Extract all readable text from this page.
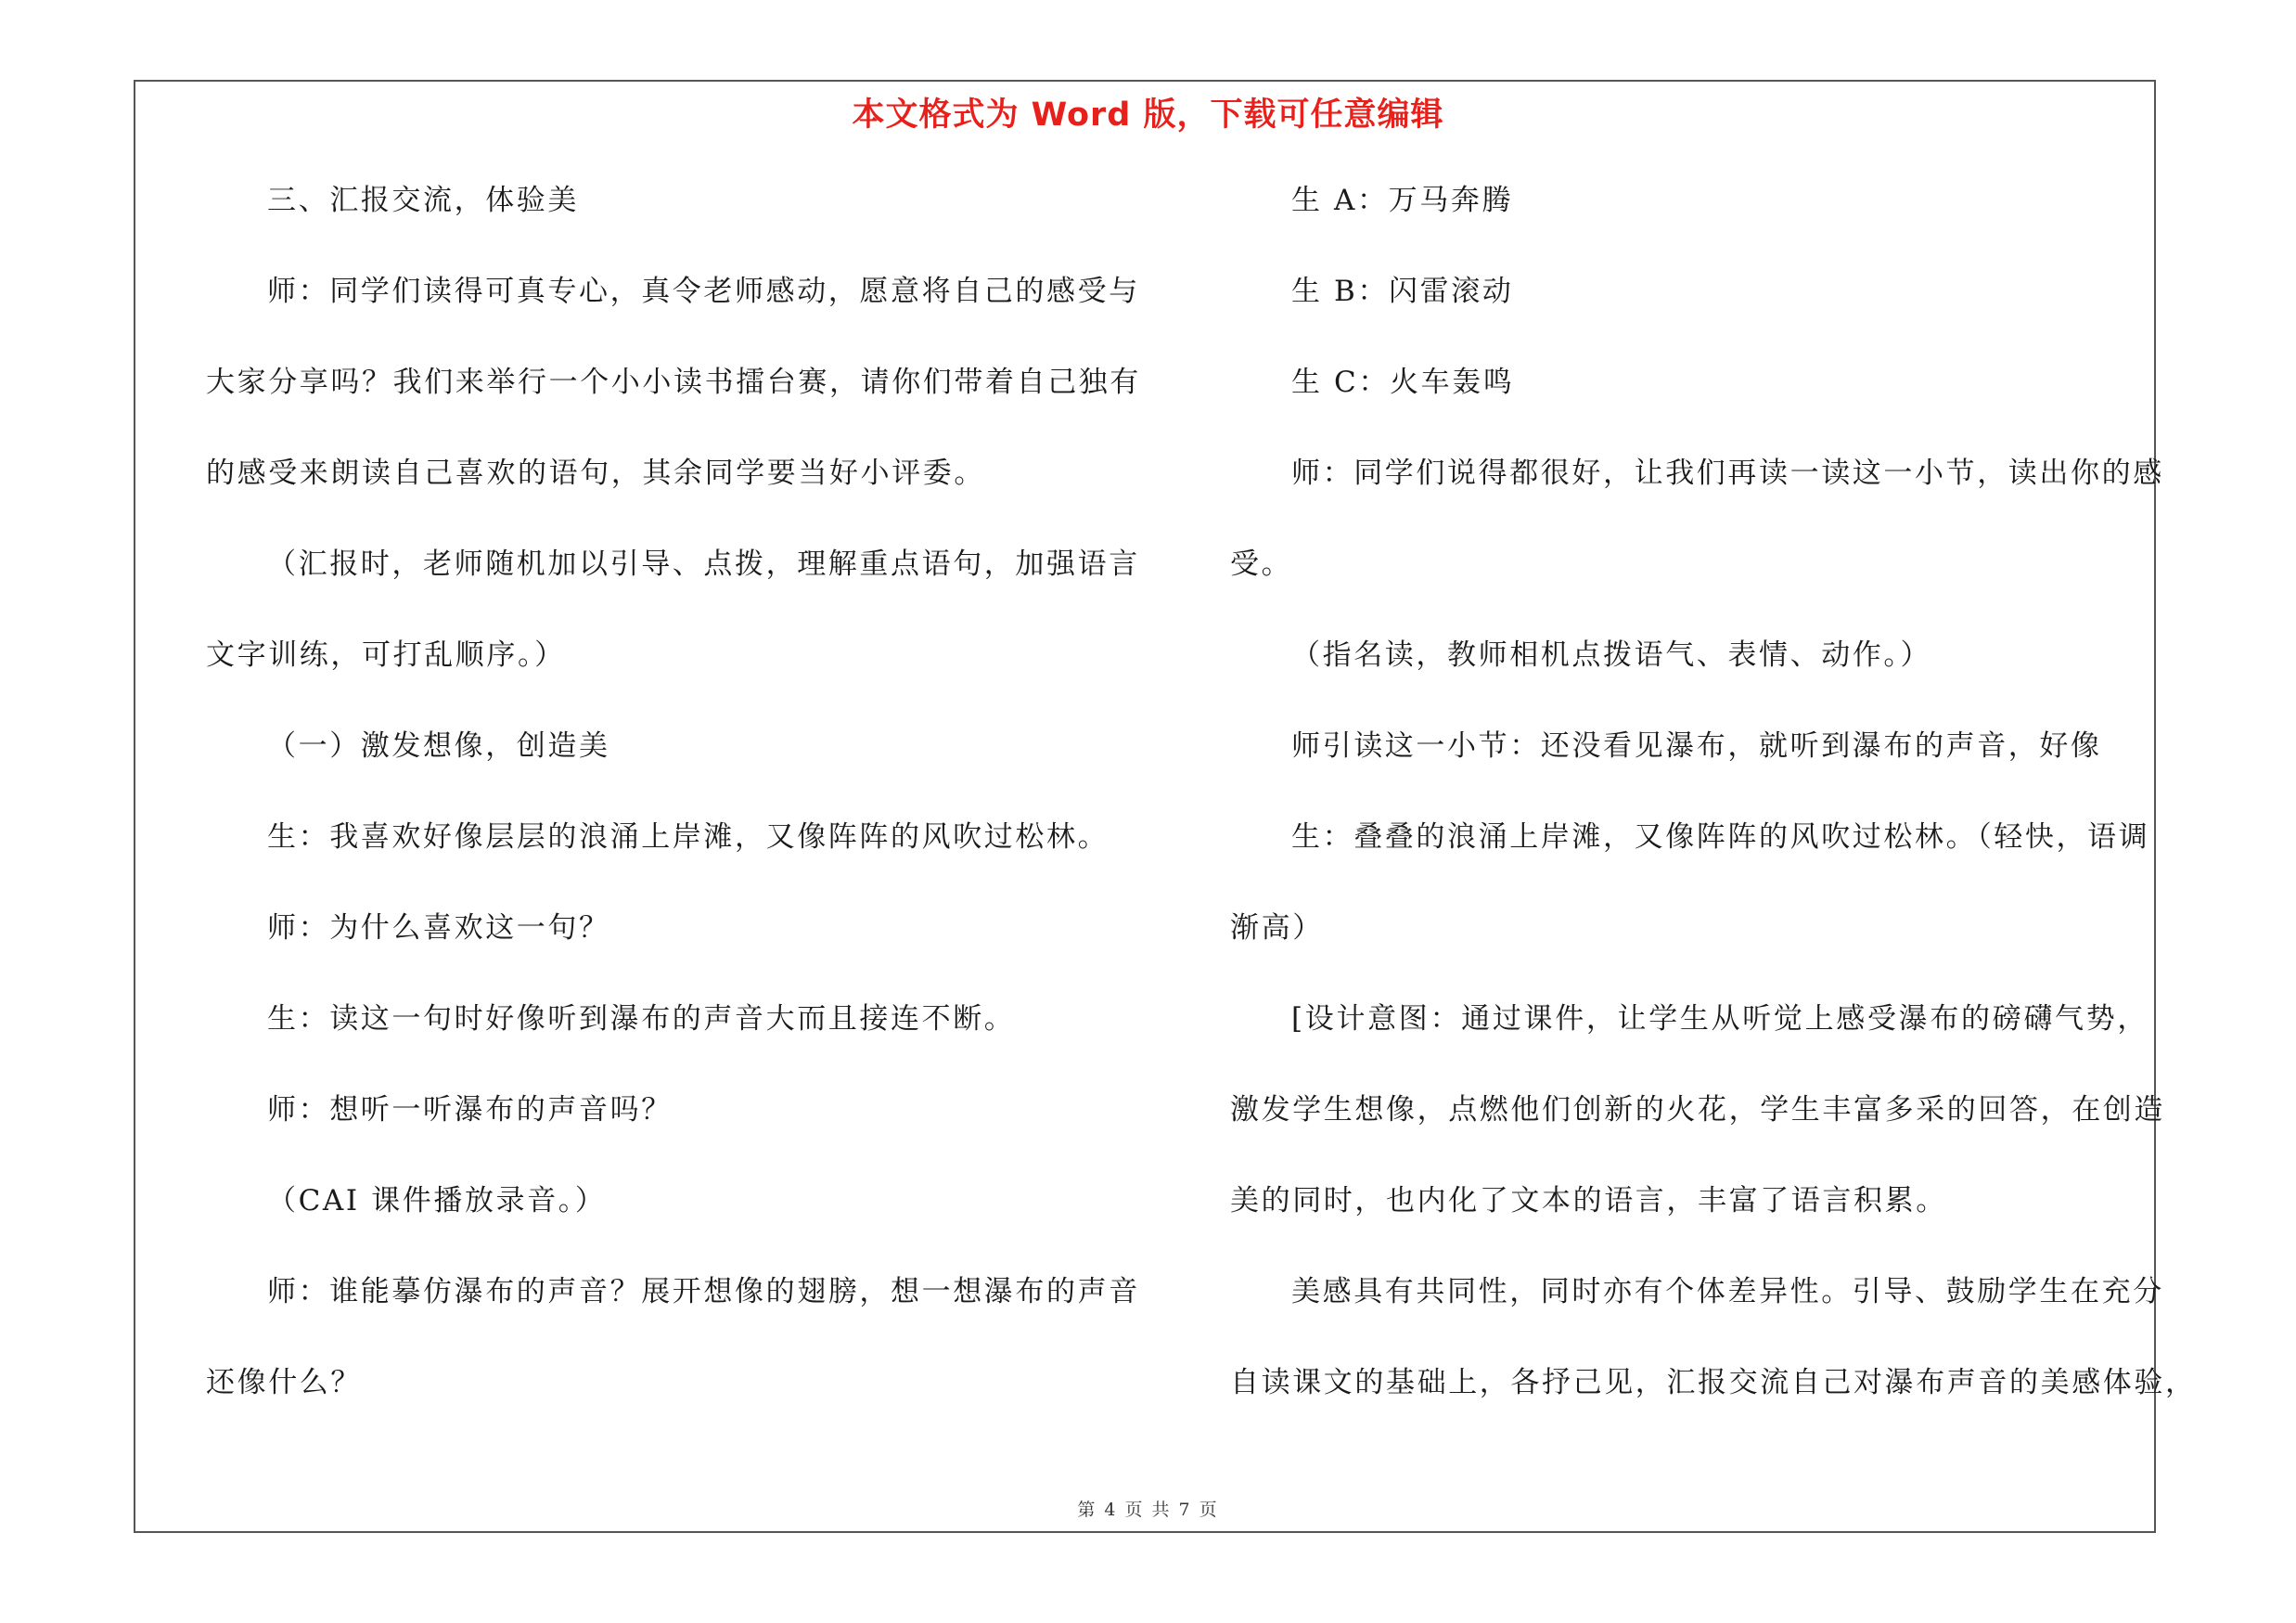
本文格式为 Word 版，下载可任意编辑
三、汇报交流，体验美
师：同学们读得可真专心，真令老师感动，愿意将自己的感受与
大家分享吗？我们来举行一个小小读书擂台赛，请你们带着自己独有
的感受来朗读自己喜欢的语句，其余同学要当好小评委。
（汇报时，老师随机加以引导、点拨，理解重点语句，加强语言
文字训练，可打乱顺序。）
（一）激发想像，创造美
生：我喜欢好像层层的浪涌上岸滩，又像阵阵的风吹过松林。
师：为什么喜欢这一句？
生：读这一句时好像听到瀑布的声音大而且接连不断。
师：想听一听瀑布的声音吗？
（CAI 课件播放录音。）
师：谁能摹仿瀑布的声音？展开想像的翅膀，想一想瀑布的声音
还像什么？
生 A：万马奔腾
生 B：闪雷滚动
生 C：火车轰鸣
师：同学们说得都很好，让我们再读一读这一小节，读出你的感
受。
（指名读，教师相机点拨语气、表情、动作。）
师引读这一小节：还没看见瀑布，就听到瀑布的声音，好像
生：叠叠的浪涌上岸滩，又像阵阵的风吹过松林。（轻快，语调
渐高）
[设计意图：通过课件，让学生从听觉上感受瀑布的磅礴气势，
激发学生想像，点燃他们创新的火花，学生丰富多采的回答，在创造
美的同时，也内化了文本的语言，丰富了语言积累。
美感具有共同性，同时亦有个体差异性。引导、鼓励学生在充分
自读课文的基础上，各抒己见，汇报交流自己对瀑布声音的美感体验，
第 4 页 共 7 页
